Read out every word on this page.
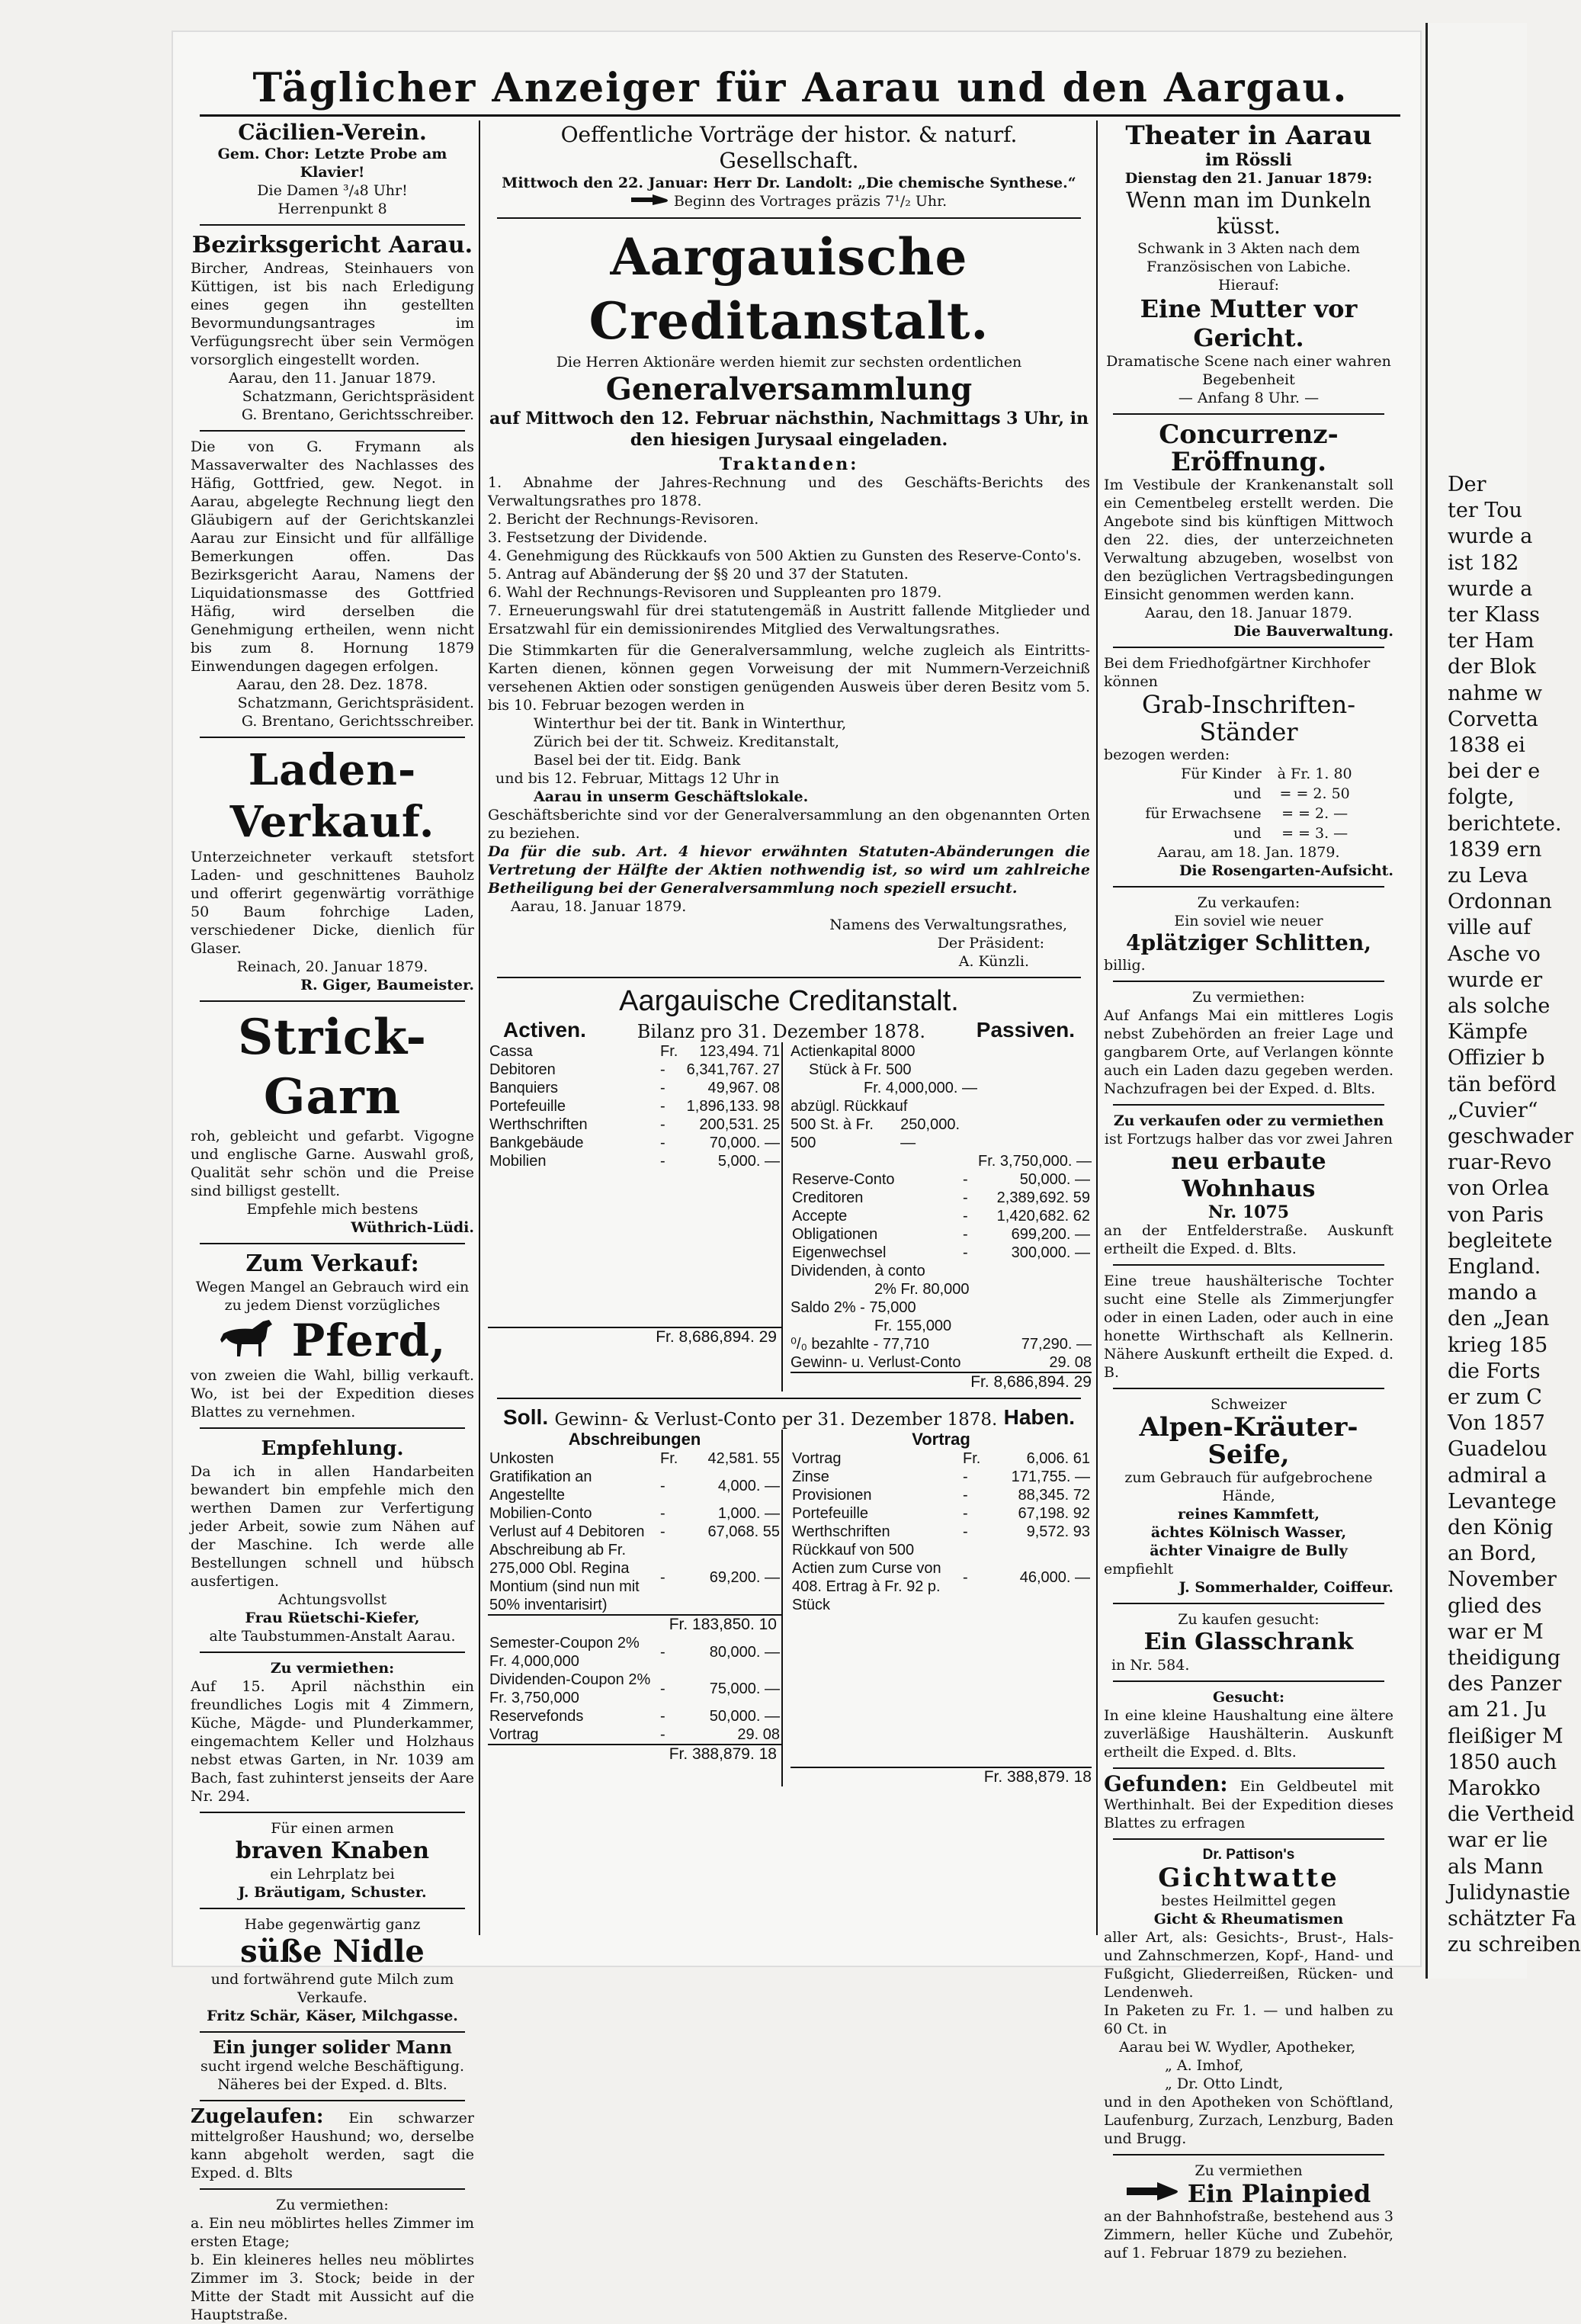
Der
ter Tou
wurde a
ist 182
wurde a
ter Klass
ter Ham
der Blok
nahme w
Corvetta
1838 ei
bei der e
folgte,
berichtete.
1839 ern
zu Leva
Ordonnan
ville auf
Asche vo
wurde er
als solche
Kämpfe
Offizier b
tän beförd
„Cuvier“
geschwader
ruar-Revo
von Orlea
von Paris
begleitete
England.
mando a
den „Jean
krieg 185
die Forts
er zum C
Von 1857
Guadelou
admiral a
Levantege
den König
an Bord,
November
glied des
war er M
theidigung
des Panzer
am 21. Ju
fleißiger M
1850 auch
Marokko
die Vertheid
war er lie
als Mann
Julidynastie
schätzter Fa
zu schreiben
Täglicher Anzeiger für Aarau und den Aargau.
Cäcilien-Verein.

Gem. Chor: Letzte Probe am Klavier!

Die Damen ³/₄8 Uhr!

Herrenpunkt 8

Bezirksgericht Aarau.

Bircher, Andreas, Steinhauers von Küttigen, ist bis nach Erledigung eines gegen ihn gestellten Bevormundungsantrages im Verfügungsrecht über sein Vermögen vorsorglich eingestellt worden.

Aarau, den 11. Januar 1879.

Schatzmann, Gerichtspräsident

G. Brentano, Gerichtsschreiber.

Die von G. Frymann als Massaverwalter des Nachlasses des Häfig, Gottfried, gew. Negot. in Aarau, abgelegte Rechnung liegt den Gläubigern auf der Gerichtskanzlei Aarau zur Einsicht und für allfällige Bemerkungen offen. Das Bezirksgericht Aarau, Namens der Liquidationsmasse des Gottfried Häfig, wird derselben die Genehmigung ertheilen, wenn nicht bis zum 8. Hornung 1879 Einwendungen dagegen erfolgen.

Aarau, den 28. Dez. 1878.

Schatzmann, Gerichtspräsident.

G. Brentano, Gerichtsschreiber.

Laden-Verkauf.

Unterzeichneter verkauft stetsfort Laden- und geschnittenes Bauholz und offerirt gegenwärtig vorräthige 50 Baum fohrchige Laden, verschiedener Dicke, dienlich für Glaser.

Reinach, 20. Januar 1879.

R. Giger, Baumeister.

Strick-Garn

roh, gebleicht und gefarbt. Vigogne und englische Garne. Auswahl groß, Qualität sehr schön und die Preise sind billigst gestellt.

Empfehle mich bestens

Wüthrich-Lüdi.

Zum Verkauf:

Wegen Mangel an Gebrauch wird ein zu jedem Dienst vorzügliches

Pferd,

von zweien die Wahl, billig verkauft. Wo, ist bei der Expedition dieses Blattes zu vernehmen.

Empfehlung.

Da ich in allen Handarbeiten bewandert bin empfehle mich den werthen Damen zur Verfertigung jeder Arbeit, sowie zum Nähen auf der Maschine. Ich werde alle Bestellungen schnell und hübsch ausfertigen.

Achtungsvollst

Frau Rüetschi-Kiefer,

alte Taubstummen-Anstalt Aarau.

Zu vermiethen:

Auf 15. April nächsthin ein freundliches Logis mit 4 Zimmern, Küche, Mägde- und Plunderkammer, eingemachtem Keller und Holzhaus nebst etwas Garten, in Nr. 1039 am Bach, fast zuhinterst jenseits der Aare Nr. 294.

Für einen armen

braven Knaben

ein Lehrplatz bei

J. Bräutigam, Schuster.

Habe gegenwärtig ganz

süße Nidle

und fortwährend gute Milch zum Verkaufe.

Fritz Schär, Käser, Milchgasse.

Ein junger solider Mann

sucht irgend welche Beschäftigung. Näheres bei der Exped. d. Blts.

Zugelaufen: Ein schwarzer mittelgroßer Haushund; wo, derselbe kann abgeholt werden, sagt die Exped. d. Blts

Zu vermiethen:

a. Ein neu möblirtes helles Zimmer im ersten Etage;

b. Ein kleineres helles neu möblirtes Zimmer im 3. Stock; beide in der Mitte der Stadt mit Aussicht auf die Hauptstraße.

Oeffentliche Vorträge der histor. & naturf. Gesellschaft.

Mittwoch den 22. Januar: Herr Dr. Landolt: „Die chemische Synthese.“

Beginn des Vortrages präzis 7¹/₂ Uhr.

Aargauische Creditanstalt.

Die Herren Aktionäre werden hiemit zur sechsten ordentlichen

Generalversammlung

auf Mittwoch den 12. Februar nächsthin, Nachmittags 3 Uhr, in den hiesigen Jurysaal eingeladen.

Traktanden:

1. Abnahme der Jahres-Rechnung und des Geschäfts-Berichts des Verwaltungsrathes pro 1878.

2. Bericht der Rechnungs-Revisoren.

3. Festsetzung der Dividende.

4. Genehmigung des Rückkaufs von 500 Aktien zu Gunsten des Reserve-Conto's.

5. Antrag auf Abänderung der §§ 20 und 37 der Statuten.

6. Wahl der Rechnungs-Revisoren und Suppleanten pro 1879.

7. Erneuerungswahl für drei statutengemäß in Austritt fallende Mitglieder und Ersatzwahl für ein demissionirendes Mitglied des Verwaltungsrathes.

Die Stimmkarten für die Generalversammlung, welche zugleich als Eintritts-Karten dienen, können gegen Vorweisung der mit Nummern-Verzeichniß versehenen Aktien oder sonstigen genügenden Ausweis über deren Besitz vom 5. bis 10. Februar bezogen werden in

Winterthur bei der tit. Bank in Winterthur,

Zürich bei der tit. Schweiz. Kreditanstalt,

Basel bei der tit. Eidg. Bank

und bis 12. Februar, Mittags 12 Uhr in

Aarau in unserm Geschäftslokale.

Geschäftsberichte sind vor der Generalversammlung an den obgenannten Orten zu beziehen.

Da für die sub. Art. 4 hievor erwähnten Statuten-Abänderungen die Vertretung der Hälfte der Aktien nothwendig ist, so wird um zahlreiche Betheiligung bei der Generalversammlung noch speziell ersucht.

Aarau, 18. Januar 1879.

Namens des Verwaltungsrathes,

Der Präsident:

A. Künzli.

Aargauische Creditanstalt.
Activen.	Bilanz pro 31. Dezember 1878. Passiven.
Cassa	Fr.	123,494. 71
Debitoren	-	6,341,767. 27
Banquiers	-	49,967. 08
Portefeuille	-	1,896,133. 98
Werthschriften	-	200,531. 25
Bankgebäude	-	70,000. —
Mobilien	-	5,000. —
Fr. 8,686,894. 29
Actienkapital 8000
Stück à Fr. 500
Fr. 4,000,000. —
abzügl. Rückkauf
500 St. à Fr. 500
250,000. —
Fr. 3,750,000. —
Reserve-Conto	-	50,000. —
Creditoren	-	2,389,692. 59
Accepte	-	1,420,682. 62
Obligationen	-	699,200. —
Eigenwechsel	-	300,000. —
Dividenden, à conto
2% Fr. 80,000
Saldo 2% - 75,000
Fr. 155,000
⁰/₀ bezahlte - 77,710	77,290. —
Gewinn- u. Verlust-Conto	29. 08
Fr. 8,686,894. 29
Soll. Gewinn- & Verlust-Conto per 31. Dezember 1878. Haben.
Abschreibungen
Unkosten	Fr.	42,581. 55
Gratifikation an Angestellte	-	4,000. —
Mobilien-Conto	-	1,000. —
Verlust auf 4 Debitoren	-	67,068. 55
Abschreibung ab Fr. 275,000 Obl. Regina Montium (sind nun mit 50% inventarisirt)	-	69,200. —
Fr. 183,850. 10
Semester-Coupon 2% Fr. 4,000,000	-	80,000. —
Dividenden-Coupon 2% Fr. 3,750,000	-	75,000. —
Reservefonds	-	50,000. —
Vortrag	-	29. 08
Fr. 388,879. 18
Vortrag
Vortrag	Fr.	6,006. 61
Zinse	-	171,755. —
Provisionen	-	88,345. 72
Portefeuille	-	67,198. 92
Werthschriften	-	9,572. 93
Rückkauf von 500 Actien zum Curse von 408. Ertrag à Fr. 92 p. Stück	-	46,000. —
Fr. 388,879. 18
Theater in Aarau

im Rössli

Dienstag den 21. Januar 1879:

Wenn man im Dunkeln küsst.

Schwank in 3 Akten nach dem Französischen von Labiche.

Hierauf:

Eine Mutter vor Gericht.

Dramatische Scene nach einer wahren Begebenheit

— Anfang 8 Uhr. —

Concurrenz-Eröffnung.

Im Vestibule der Krankenanstalt soll ein Cementbeleg erstellt werden. Die Angebote sind bis künftigen Mittwoch den 22. dies, der unterzeichneten Verwaltung abzugeben, woselbst von den bezüglichen Vertragsbedingungen Einsicht genommen werden kann.

Aarau, den 18. Januar 1879.

Die Bauverwaltung.

Bei dem Friedhofgärtner Kirchhofer können

Grab-Inschriften-Ständer

bezogen werden:

Für Kinder	à Fr. 1. 80
und	= = 2. 50
für Erwachsene	= = 2. —
und	= = 3. —

Aarau, am 18. Jan. 1879.

Die Rosengarten-Aufsicht.

Zu verkaufen:

Ein soviel wie neuer

4plätziger Schlitten,

billig.

Zu vermiethen:

Auf Anfangs Mai ein mittleres Logis nebst Zubehörden an freier Lage und gangbarem Orte, auf Verlangen könnte auch ein Laden dazu gegeben werden. Nachzufragen bei der Exped. d. Blts.

Zu verkaufen oder zu vermiethen

ist Fortzugs halber das vor zwei Jahren

neu erbaute Wohnhaus

Nr. 1075

an der Entfelderstraße. Auskunft ertheilt die Exped. d. Blts.

Eine treue haushälterische Tochter sucht eine Stelle als Zimmerjungfer oder in einen Laden, oder auch in eine honette Wirthschaft als Kellnerin. Nähere Auskunft ertheilt die Exped. d. B.

Schweizer

Alpen-Kräuter-Seife,

zum Gebrauch für aufgebrochene Hände,

reines Kammfett,

ächtes Kölnisch Wasser,

ächter Vinaigre de Bully

empfiehlt

J. Sommerhalder, Coiffeur.

Zu kaufen gesucht:

Ein Glasschrank

in Nr. 584.

Gesucht:

In eine kleine Haushaltung eine ältere zuverläßige Haushälterin. Auskunft ertheilt die Exped. d. Blts.

Gefunden: Ein Geldbeutel mit Werthinhalt. Bei der Expedition dieses Blattes zu erfragen

Dr. Pattison's

Gichtwatte

bestes Heilmittel gegen

Gicht & Rheumatismen

aller Art, als: Gesichts-, Brust-, Hals- und Zahnschmerzen, Kopf-, Hand- und Fußgicht, Gliederreißen, Rücken- und Lendenweh.

In Paketen zu Fr. 1. — und halben zu 60 Ct. in

Aarau bei W. Wydler, Apotheker,

„ A. Imhof,

„ Dr. Otto Lindt,

und in den Apotheken von Schöftland, Laufenburg, Zurzach, Lenzburg, Baden und Brugg.

Zu vermiethen

Ein Plainpied

an der Bahnhofstraße, bestehend aus 3 Zimmern, heller Küche und Zubehör, auf 1. Februar 1879 zu beziehen.
